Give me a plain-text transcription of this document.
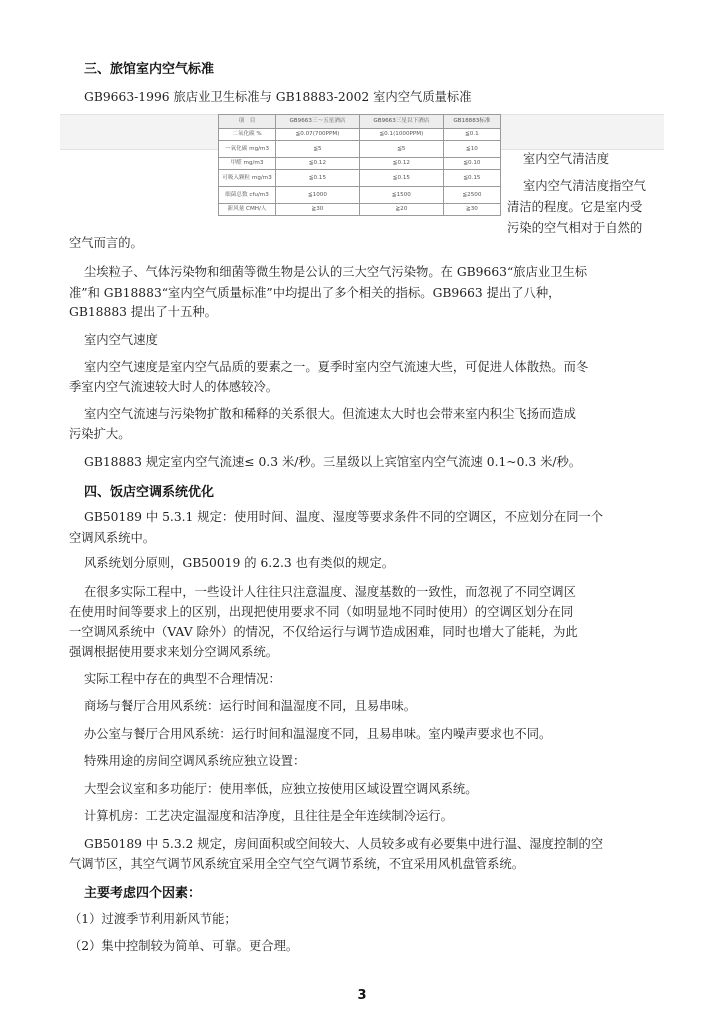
三、旅馆室内空气标准
GB9663-1996 旅店业卫生标准与 GB18883-2002 室内空气质量标准
项　目	GB9663三～五星酒店	GB9663三星以下酒店	GB18883标准
二氧化碳 %	≦0.07(700PPM)	≦0.1(1000PPM)	≦0.1
一氧化碳 mg/m3	≦5	≦5	≦10
甲醛 mg/m3	≦0.12	≦0.12	≦0.10
可吸入颗粒 mg/m3	≦0.15	≦0.15	≦0.15
细菌总数 cfu/m3	≦1000	≦1500	≦2500
新风量 CMH/人	≧30	≧20	≧30
室内空气清洁度
室内空气清洁度指空气
清洁的程度。它是室内受
污染的空气相对于自然的
空气而言的。
尘埃粒子、气体污染物和细菌等微生物是公认的三大空气污染物。在 GB9663“旅店业卫生标
准”和 GB18883“室内空气质量标准”中均提出了多个相关的指标。GB9663 提出了八种，
GB18883 提出了十五种。
室内空气速度
室内空气速度是室内空气品质的要素之一。夏季时室内空气流速大些，可促进人体散热。而冬
季室内空气流速较大时人的体感较冷。
室内空气流速与污染物扩散和稀释的关系很大。但流速太大时也会带来室内积尘飞扬而造成
污染扩大。
GB18883 规定室内空气流速≤ 0.3 米/秒。三星级以上宾馆室内空气流速 0.1~0.3 米/秒。
四、饭店空调系统优化
GB50189 中 5.3.1 规定：使用时间、温度、湿度等要求条件不同的空调区，不应划分在同一个
空调风系统中。
风系统划分原则，GB50019 的 6.2.3 也有类似的规定。
在很多实际工程中，一些设计人往往只注意温度、湿度基数的一致性，而忽视了不同空调区
在使用时间等要求上的区别，出现把使用要求不同（如明显地不同时使用）的空调区划分在同
一空调风系统中（VAV 除外）的情况，不仅给运行与调节造成困难，同时也增大了能耗，为此
强调根据使用要求来划分空调风系统。
实际工程中存在的典型不合理情况：
商场与餐厅合用风系统：运行时间和温湿度不同，且易串味。
办公室与餐厅合用风系统：运行时间和温湿度不同，且易串味。室内噪声要求也不同。
特殊用途的房间空调风系统应独立设置：
大型会议室和多功能厅：使用率低，应独立按使用区域设置空调风系统。
计算机房：工艺决定温湿度和洁净度，且往往是全年连续制冷运行。
GB50189 中 5.3.2 规定，房间面积或空间较大、人员较多或有必要集中进行温、湿度控制的空
气调节区，其空气调节风系统宜采用全空气空气调节系统，不宜采用风机盘管系统。
主要考虑四个因素：
（1）过渡季节利用新风节能；
（2）集中控制较为简单、可靠。更合理。
3
